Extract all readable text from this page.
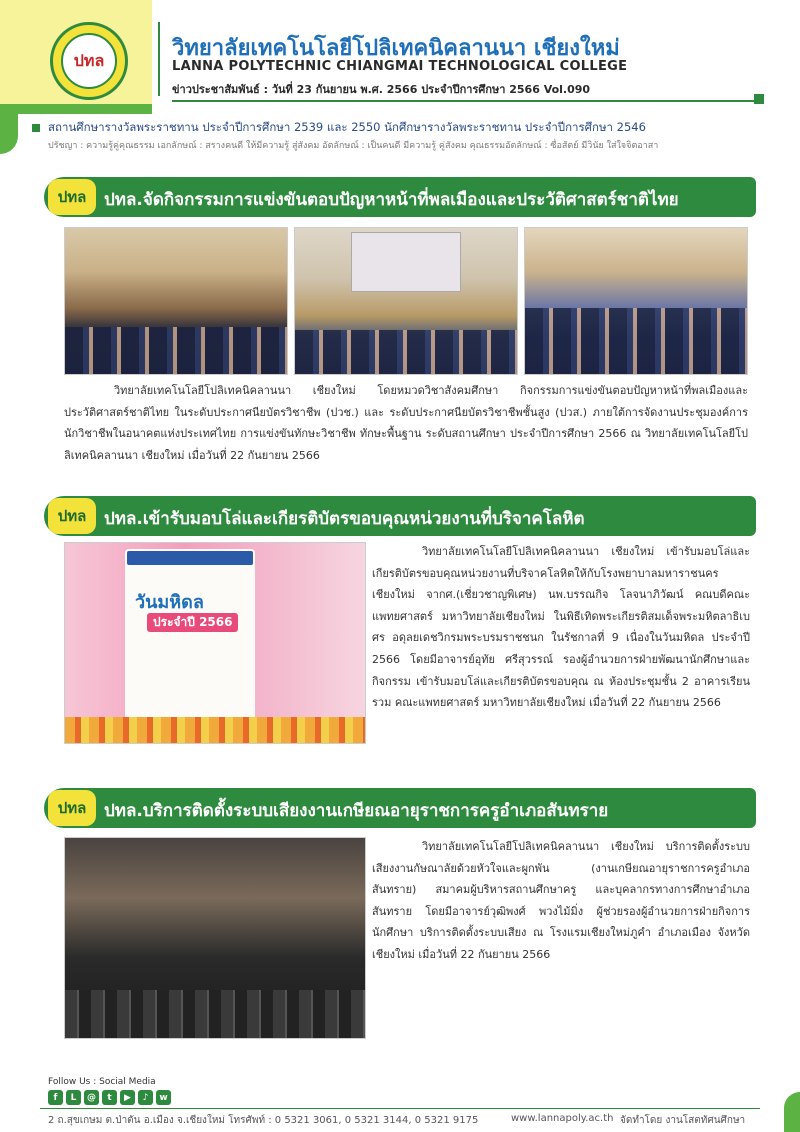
ปทล	วิทยาลัยเทคโนโลยีโปลิเทคนิคลานนา เชียงใหม่
LANNA POLYTECHNIC CHIANGMAI TECHNOLOGICAL COLLEGE
ข่าวประชาสัมพันธ์ : วันที่ 23 กันยายน พ.ศ. 2566 ประจำปีการศึกษา 2566 Vol.090
สถานศึกษารางวัลพระราชทาน ประจำปีการศึกษา 2539 และ 2550 นักศึกษารางวัลพระราชทาน ประจำปีการศึกษา 2546
ปรัชญา : ความรู้คู่คุณธรรม เอกลักษณ์ : สรางคนดี ให้มีความรู้ สู่สังคม อัตลักษณ์ : เป็นคนดี มีความรู้ คู่สังคม คุณธรรมอัตลักษณ์ : ซื่อสัตย์ มีวินัย ใส่ใจจิตอาสา
ปทล ปทล.จัดกิจกรรมการแข่งขันตอบปัญหาหน้าที่พลเมืองและประวัติศาสตร์ชาติไทย
วิทยาลัยเทคโนโลยีโปลิเทคนิคลานนา เชียงใหม่ โดยหมวดวิชาสังคมศึกษา กิจกรรมการแข่งขันตอบปัญหาหน้าที่พลเมืองและประวัติศาสตร์ชาติไทย ในระดับประกาศนียบัตรวิชาชีพ (ปวช.) และ ระดับประกาศนียบัตรวิชาชีพชั้นสูง (ปวส.) ภายใต้การจัดงานประชุมองค์การนักวิชาชีพในอนาคตแห่งประเทศไทย การแข่งขันทักษะวิชาชีพ ทักษะพื้นฐาน ระดับสถานศึกษา ประจำปีการศึกษา 2566 ณ วิทยาลัยเทคโนโลยีโปลิเทคนิคลานนา เชียงใหม่ เมื่อวันที่ 22 กันยายน 2566
ปทล ปทล.เข้ารับมอบโล่และเกียรติบัตรขอบคุณหน่วยงานที่บริจาคโลหิต
วันมหิดล
ประจำปี 2566
วิทยาลัยเทคโนโลยีโปลิเทคนิคลานนา เชียงใหม่ เข้ารับมอบโล่และเกียรติบัตรขอบคุณหน่วยงานที่บริจาคโลหิตให้กับโรงพยาบาลมหาราชนครเชียงใหม่ จากศ.(เชี่ยวชาญพิเศษ) นพ.บรรณกิจ โลจนาภิวัฒน์ คณบดีคณะแพทยศาสตร์ มหาวิทยาลัยเชียงใหม่ ในพิธีเทิดพระเกียรติสมเด็จพระมหิตลาธิเบศร อดุลยเดชวิกรมพระบรมราชชนก ในรัชกาลที่ 9 เนื่องในวันมหิดล ประจำปี 2566 โดยมีอาจารย์อุทัย ศรีสุวรรณ์ รองผู้อำนวยการฝ่ายพัฒนานักศึกษาและกิจกรรม เข้ารับมอบโล่และเกียรติบัตรขอบคุณ ณ ห้องประชุมชั้น 2 อาคารเรียนรวม คณะแพทยศาสตร์ มหาวิทยาลัยเชียงใหม่ เมื่อวันที่ 22 กันยายน 2566
ปทล ปทล.บริการติดตั้งระบบเสียงงานเกษียณอายุราชการครูอำเภอสันทราย
วิทยาลัยเทคโนโลยีโปลิเทคนิคลานนา เชียงใหม่ บริการติดตั้งระบบเสียงงานกัษณาลัยด้วยหัวใจและผูกพัน (งานเกษียณอายุราชการครูอำเภอสันทราย) สมาคมผู้บริหารสถานศึกษาครู และบุคลากรทางการศึกษาอำเภอสันทราย โดยมีอาจารย์วุฒิพงศ์ พวงไม้มิ่ง ผู้ช่วยรองผู้อำนวยการฝ่ายกิจการนักศึกษา บริการติดตั้งระบบเสียง ณ โรงแรมเชียงใหม่ภูคำ อำเภอเมือง จังหวัดเชียงใหม่ เมื่อวันที่ 22 กันยายน 2566
Follow Us : Social Media
f	L	@	t	▶	♪	w
2 ถ.สุขเกษม ต.ป่าตัน อ.เมือง จ.เชียงใหม่ โทรศัพท์ : 0 5321 3061, 0 5321 3144, 0 5321 9175	www.lannapoly.ac.th จัดทำโดย งานโสตทัศนศึกษา
